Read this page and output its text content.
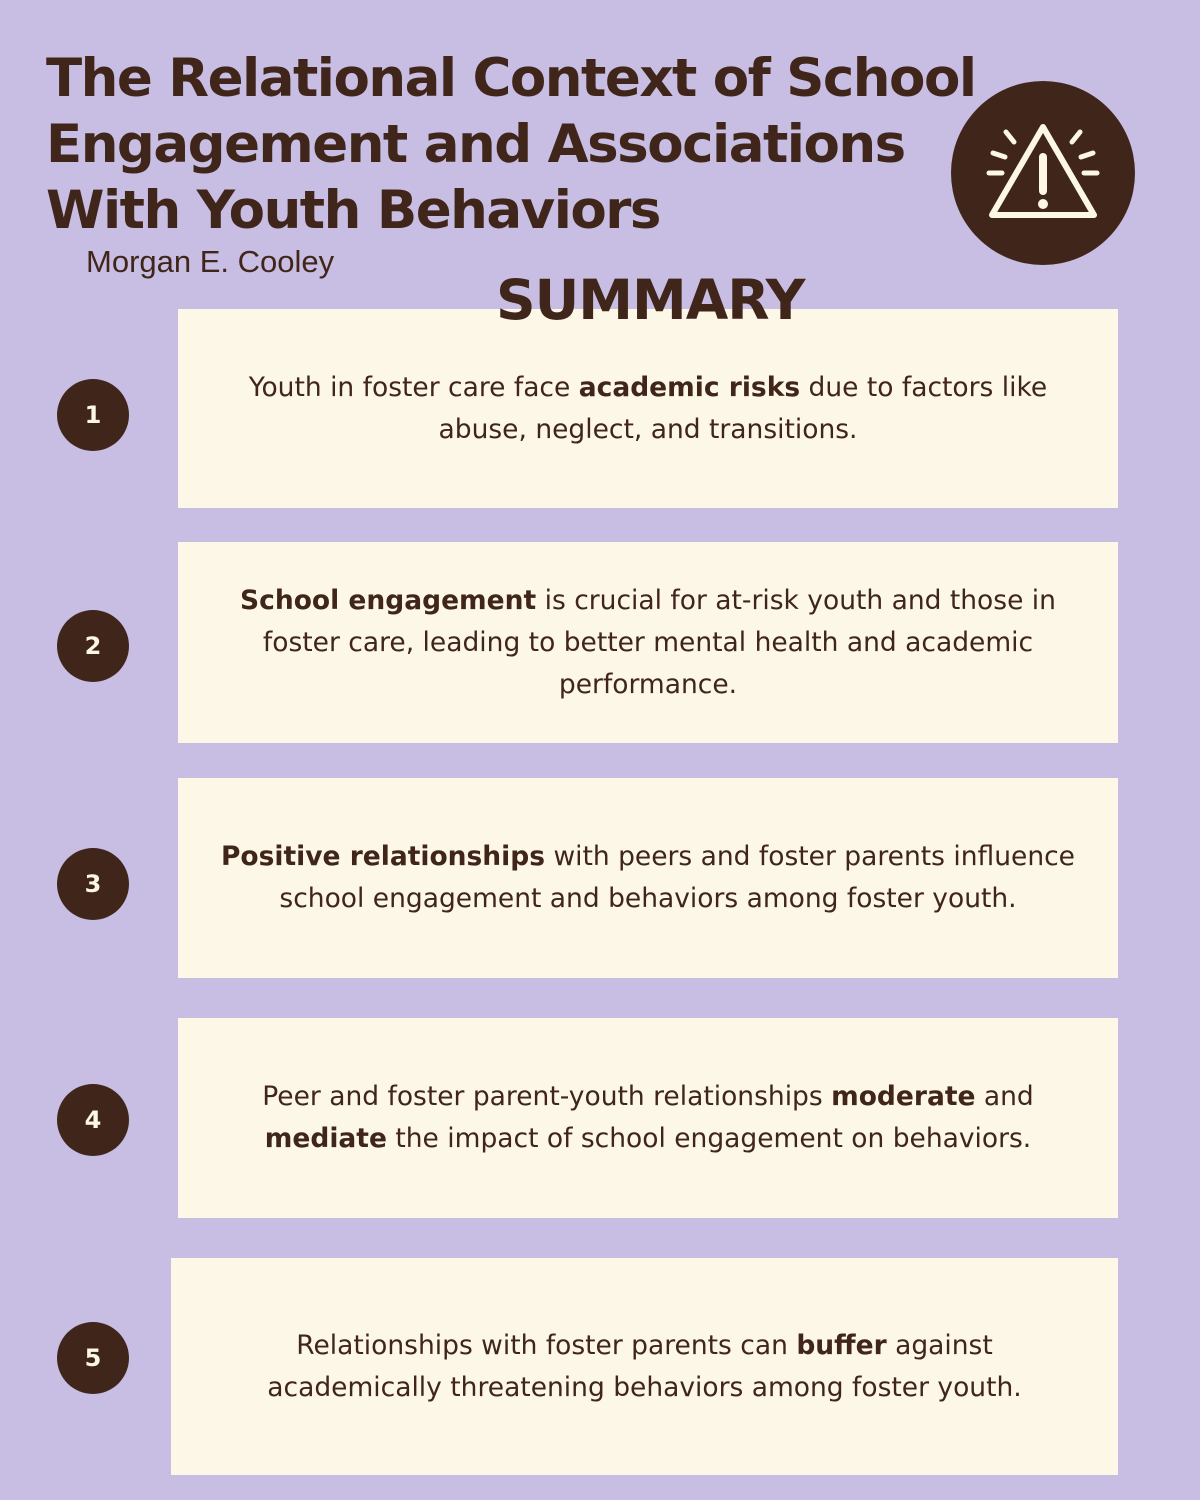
The Relational Context of School
Engagement and Associations
With Youth Behaviors
Morgan E. Cooley
SUMMARY
1

Youth in foster care face academic risks due to factors like abuse, neglect, and transitions.

2

School engagement is crucial for at-risk youth and those in foster care, leading to better mental health and academic performance.

3

Positive relationships with peers and foster parents influence school engagement and behaviors among foster youth.

4

Peer and foster parent-youth relationships moderate and mediate the impact of school engagement on behaviors.

5	Relationships with foster parents can buffer against academically threatening behaviors among foster youth.
